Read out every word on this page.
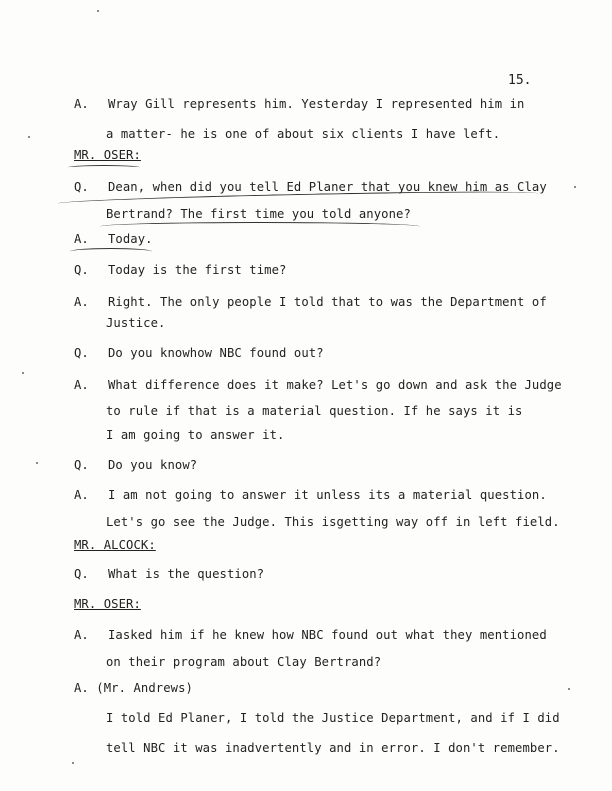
15.
A. Wray Gill represents him. Yesterday I represented him in
a matter- he is one of about six clients I have left.
MR. OSER:
Q. Dean, when did you tell Ed Planer that you knew him as Clay
Bertrand? The first time you told anyone?
A. Today.
Q. Today is the first time?
A. Right. The only people I told that to was the Department of
Justice.
Q. Do you knowhow NBC found out?
A. What difference does it make? Let's go down and ask the Judge
to rule if that is a material question. If he says it is
I am going to answer it.
Q. Do you know?
A. I am not going to answer it unless its a material question.
Let's go see the Judge. This isgetting way off in left field.
MR. ALCOCK:
Q. What is the question?
MR. OSER:
A. Iasked him if he knew how NBC found out what they mentioned
on their program about Clay Bertrand?
A. (Mr. Andrews)
I told Ed Planer, I told the Justice Department, and if I did
tell NBC it was inadvertently and in error. I don't remember.
